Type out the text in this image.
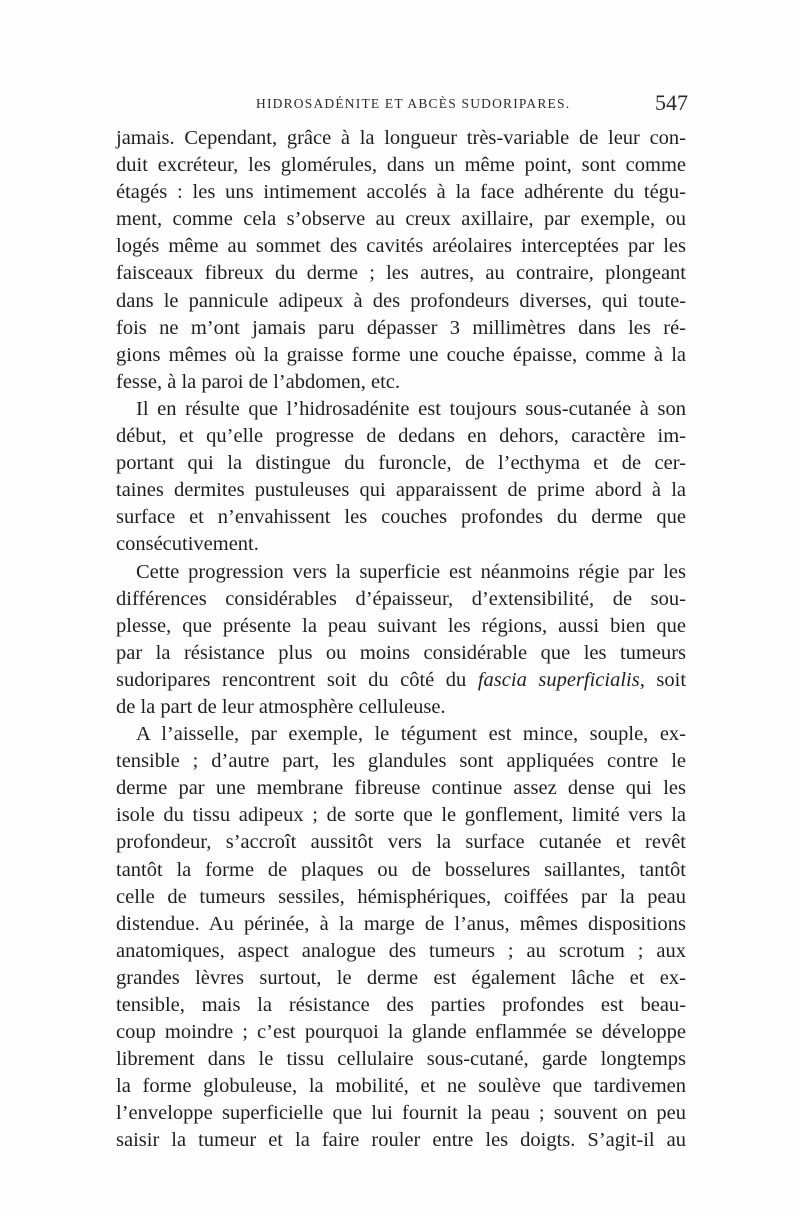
HIDROSADÉNITE ET ABCÈS SUDORIPARES.	547
jamais. Cependant, grâce à la longueur très-variable de leur con-
duit excréteur, les glomérules, dans un même point, sont comme
étagés : les uns intimement accolés à la face adhérente du tégu-
ment, comme cela s’observe au creux axillaire, par exemple, ou
logés même au sommet des cavités aréolaires interceptées par les
faisceaux fibreux du derme ; les autres, au contraire, plongeant
dans le pannicule adipeux à des profondeurs diverses, qui toute-
fois ne m’ont jamais paru dépasser 3 millimètres dans les ré-
gions mêmes où la graisse forme une couche épaisse, comme à la
fesse, à la paroi de l’abdomen, etc.
Il en résulte que l’hidrosadénite est toujours sous-cutanée à son
début, et qu’elle progresse de dedans en dehors, caractère im-
portant qui la distingue du furoncle, de l’ecthyma et de cer-
taines dermites pustuleuses qui apparaissent de prime abord à la
surface et n’envahissent les couches profondes du derme que
consécutivement.
Cette progression vers la superficie est néanmoins régie par les
différences considérables d’épaisseur, d’extensibilité, de sou-
plesse, que présente la peau suivant les régions, aussi bien que
par la résistance plus ou moins considérable que les tumeurs
sudoripares rencontrent soit du côté du fascia superficialis, soit
de la part de leur atmosphère celluleuse.
A l’aisselle, par exemple, le tégument est mince, souple, ex-
tensible ; d’autre part, les glandules sont appliquées contre le
derme par une membrane fibreuse continue assez dense qui les
isole du tissu adipeux ; de sorte que le gonflement, limité vers la
profondeur, s’accroît aussitôt vers la surface cutanée et revêt
tantôt la forme de plaques ou de bosselures saillantes, tantôt
celle de tumeurs sessiles, hémisphériques, coiffées par la peau
distendue. Au périnée, à la marge de l’anus, mêmes dispositions
anatomiques, aspect analogue des tumeurs ; au scrotum ; aux
grandes lèvres surtout, le derme est également lâche et ex-
tensible, mais la résistance des parties profondes est beau-
coup moindre ; c’est pourquoi la glande enflammée se développe
librement dans le tissu cellulaire sous-cutané, garde longtemps
la forme globuleuse, la mobilité, et ne soulève que tardivemen
l’enveloppe superficielle que lui fournit la peau ; souvent on peu
saisir la tumeur et la faire rouler entre les doigts. S’agit-il au
